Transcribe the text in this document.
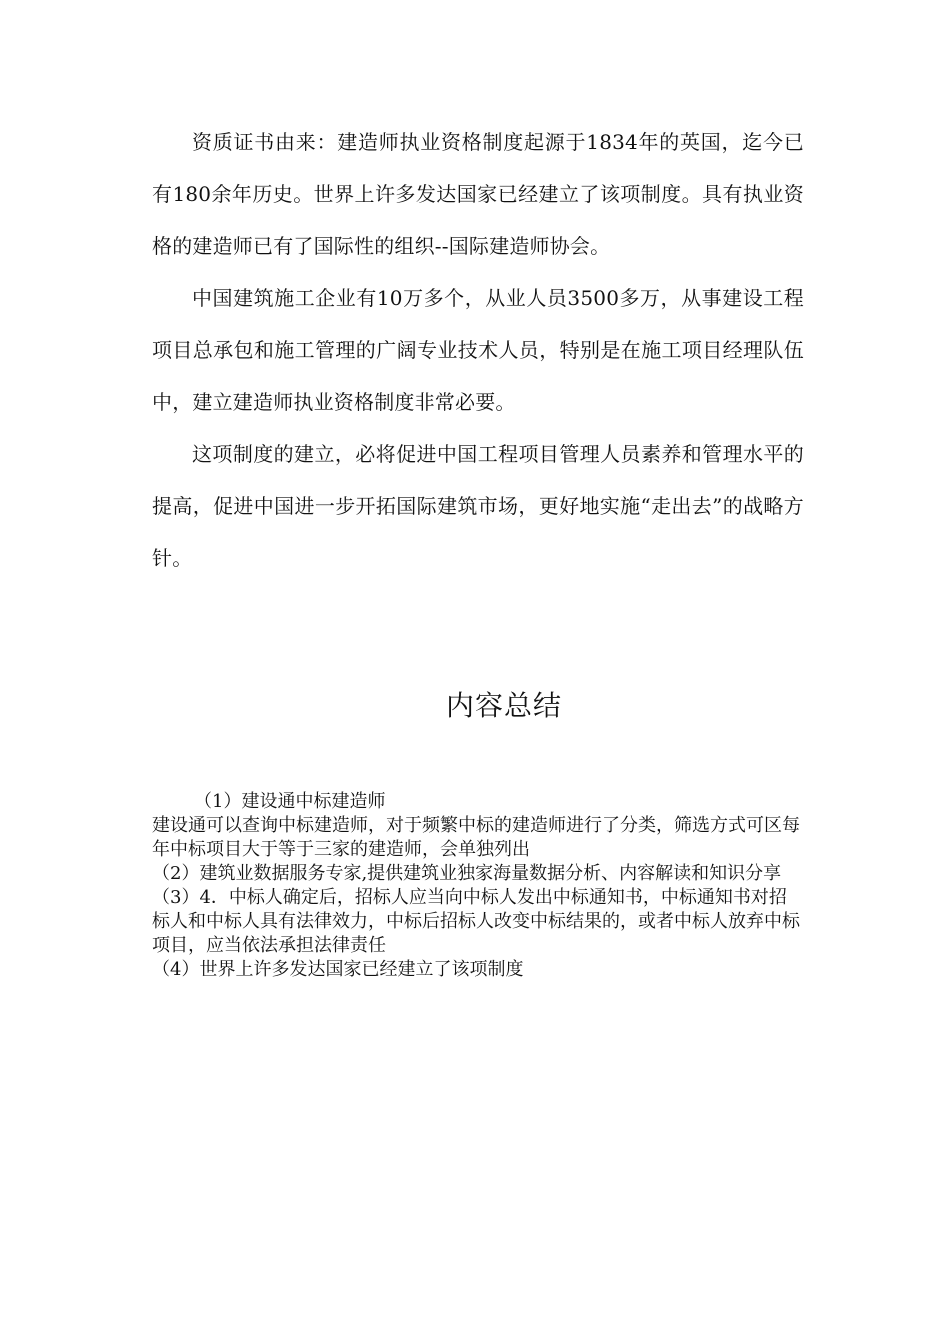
资质证书由来：建造师执业资格制度起源于1834年的英国，迄今已有180余年历史。世界上许多发达国家已经建立了该项制度。具有执业资格的建造师已有了国际性的组织--国际建造师协会。

中国建筑施工企业有10万多个，从业人员3500多万，从事建设工程项目总承包和施工管理的广阔专业技术人员，特别是在施工项目经理队伍中，建立建造师执业资格制度非常必要。

这项制度的建立，必将促进中国工程项目管理人员素养和管理水平的提高，促进中国进一步开拓国际建筑市场，更好地实施“走出去”的战略方针。

内容总结

（1）建设通中标建造师

建设通可以查询中标建造师，对于频繁中标的建造师进行了分类，筛选方式可区每年中标项目大于等于三家的建造师，会单独列出

（2）建筑业数据服务专家,提供建筑业独家海量数据分析、内容解读和知识分享

（3）4．中标人确定后，招标人应当向中标人发出中标通知书，中标通知书对招标人和中标人具有法律效力，中标后招标人改变中标结果的，或者中标人放弃中标项目，应当依法承担法律责任

（4）世界上许多发达国家已经建立了该项制度
